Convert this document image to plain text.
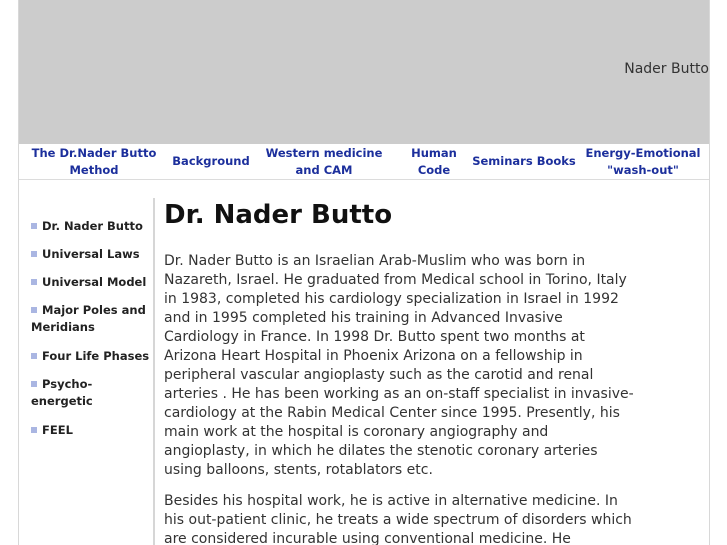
Nader Butto
The Dr.Nader Butto
Method
Background
Western medicine
and CAM
Human
Code
Seminars Books
Energy-Emotional
"wash-out"
Dr. Nader Butto
Universal Laws
Universal Model
Major Poles and
Meridians
Four Life Phases
Psycho-
energetic
FEEL
Dr. Nader Butto

Dr. Nader Butto is an Israelian Arab-Muslim who was born in Nazareth, Israel. He graduated from Medical school in Torino, Italy in 1983, completed his cardiology specialization in Israel in 1992 and in 1995 completed his training in Advanced Invasive Cardiology in France. In 1998 Dr. Butto spent two months at Arizona Heart Hospital in Phoenix Arizona on a fellowship in peripheral vascular angioplasty such as the carotid and renal arteries . He has been working as an on-staff specialist in invasive-cardiology at the Rabin Medical Center since 1995. Presently, his main work at the hospital is coronary angiography and angioplasty, in which he dilates the stenotic coronary arteries using balloons, stents, rotablators etc.

Besides his hospital work, he is active in alternative medicine. In his out-patient clinic, he treats a wide spectrum of disorders which are considered incurable using conventional medicine. He
